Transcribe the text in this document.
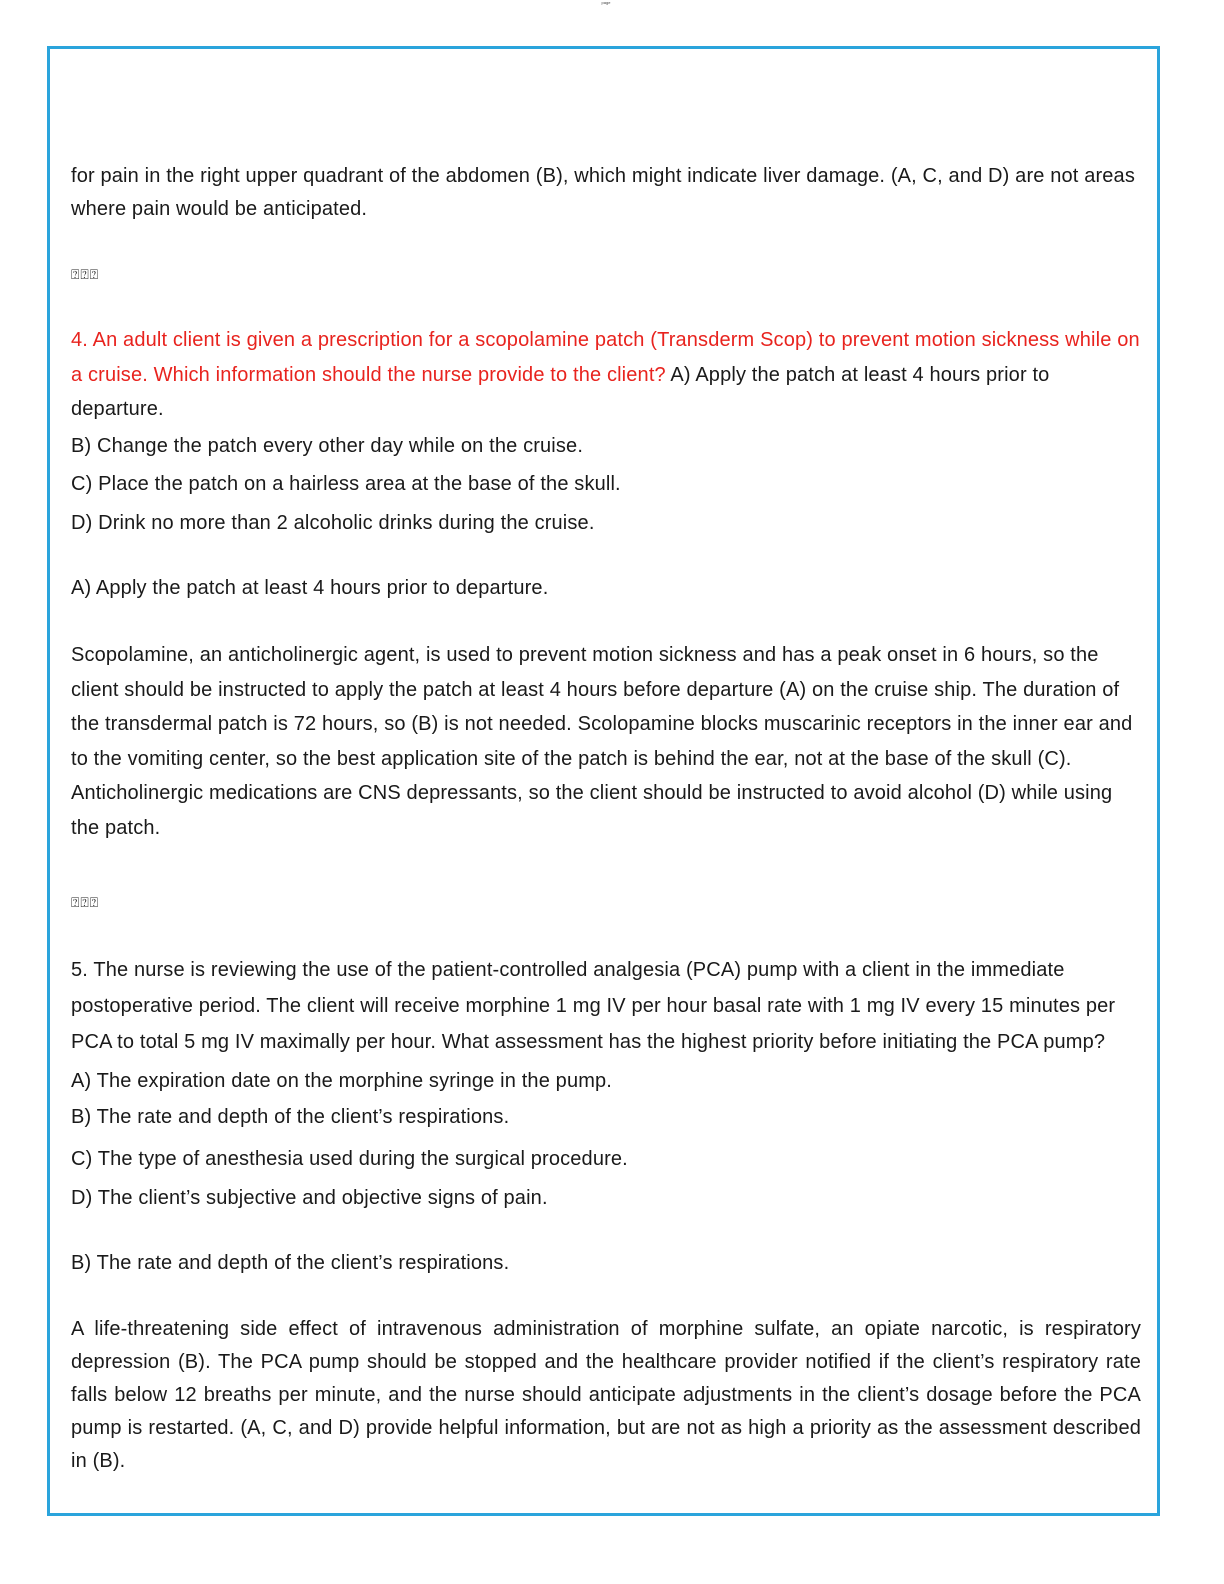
page

for pain in the right upper quadrant of the abdomen (B), which might indicate liver damage. (A, C, and D) are not areas where pain would be anticipated.

⍰⍰⍰

4. An adult client is given a prescription for a scopolamine patch (Transderm Scop) to prevent motion sickness while on a cruise. Which information should the nurse provide to the client? A) Apply the patch at least 4 hours prior to departure.

B) Change the patch every other day while on the cruise.

C) Place the patch on a hairless area at the base of the skull.

D) Drink no more than 2 alcoholic drinks during the cruise.

A) Apply the patch at least 4 hours prior to departure.

Scopolamine, an anticholinergic agent, is used to prevent motion sickness and has a peak onset in 6 hours, so the client should be instructed to apply the patch at least 4 hours before departure (A) on the cruise ship. The duration of the transdermal patch is 72 hours, so (B) is not needed. Scolopamine blocks muscarinic receptors in the inner ear and to the vomiting center, so the best application site of the patch is behind the ear, not at the base of the skull (C). Anticholinergic medications are CNS depressants, so the client should be instructed to avoid alcohol (D) while using the patch.

⍰⍰⍰

5. The nurse is reviewing the use of the patient-controlled analgesia (PCA) pump with a client in the immediate postoperative period. The client will receive morphine 1 mg IV per hour basal rate with 1 mg IV every 15 minutes per PCA to total 5 mg IV maximally per hour. What assessment has the highest priority before initiating the PCA pump?

A) The expiration date on the morphine syringe in the pump.

B) The rate and depth of the client’s respirations.

C) The type of anesthesia used during the surgical procedure.

D) The client’s subjective and objective signs of pain.

B) The rate and depth of the client’s respirations.

A life-threatening side effect of intravenous administration of morphine sulfate, an opiate narcotic, is respiratory depression (B). The PCA pump should be stopped and the healthcare provider notified if the client’s respiratory rate falls below 12 breaths per minute, and the nurse should anticipate adjustments in the client’s dosage before the PCA pump is restarted. (A, C, and D) provide helpful information, but are not as high a priority as the assessment described in (B).
